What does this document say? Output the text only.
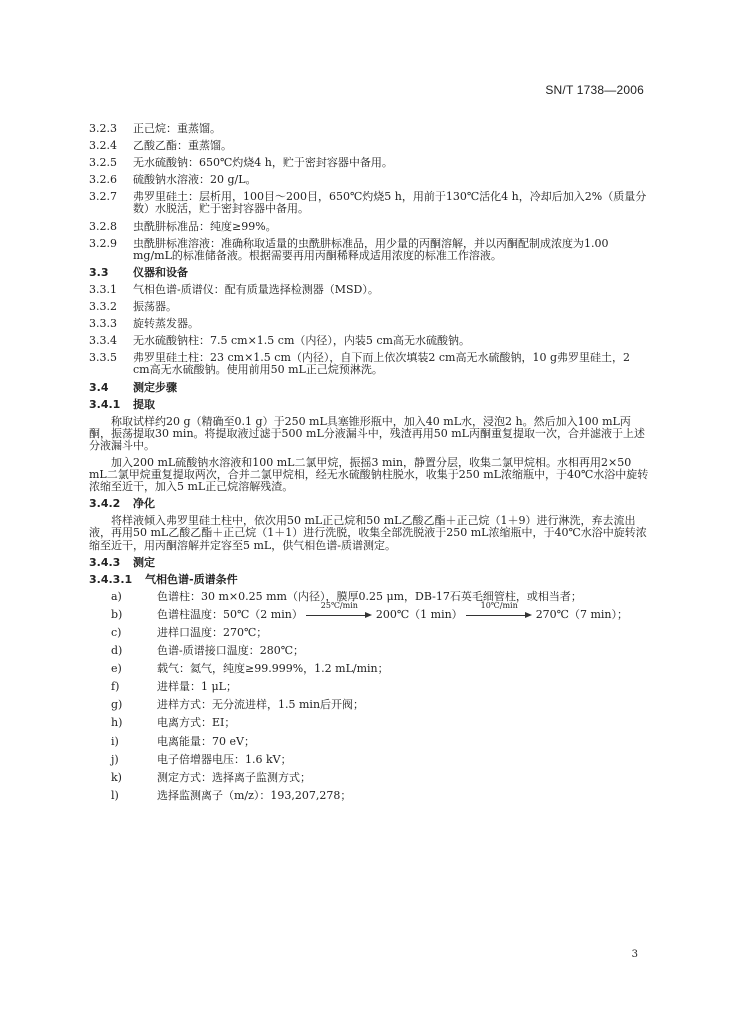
SN/T 1738—2006
3.2.3	正己烷：重蒸馏。
3.2.4	乙酸乙酯：重蒸馏。
3.2.5	无水硫酸钠：650℃灼烧4 h，贮于密封容器中备用。
3.2.6	硫酸钠水溶液：20 g/L。
3.2.7	弗罗里硅土：层析用，100目～200目，650℃灼烧5 h，用前于130℃活化4 h，冷却后加入2%（质量分数）水脱活，贮于密封容器中备用。
3.2.8	虫酰肼标准品：纯度≥99%。
3.2.9	虫酰肼标准溶液：准确称取适量的虫酰肼标准品，用少量的丙酮溶解，并以丙酮配制成浓度为1.00 mg/mL的标准储备液。根据需要再用丙酮稀释成适用浓度的标准工作溶液。
3.3	仪器和设备
3.3.1	气相色谱-质谱仪：配有质量选择检测器（MSD）。
3.3.2	振荡器。
3.3.3	旋转蒸发器。
3.3.4	无水硫酸钠柱：7.5 cm×1.5 cm（内径），内装5 cm高无水硫酸钠。
3.3.5	弗罗里硅土柱：23 cm×1.5 cm（内径），自下而上依次填装2 cm高无水硫酸钠，10 g弗罗里硅土，2 cm高无水硫酸钠。使用前用50 mL正己烷预淋洗。
3.4	测定步骤
3.4.1	提取
称取试样约20 g（精确至0.1 g）于250 mL具塞锥形瓶中，加入40 mL水，浸泡2 h。然后加入100 mL丙酮，振荡提取30 min。将提取液过滤于500 mL分液漏斗中，残渣再用50 mL丙酮重复提取一次，合并滤液于上述分液漏斗中。
加入200 mL硫酸钠水溶液和100 mL二氯甲烷，振摇3 min，静置分层，收集二氯甲烷相。水相再用2×50 mL二氯甲烷重复提取两次，合并二氯甲烷相，经无水硫酸钠柱脱水，收集于250 mL浓缩瓶中，于40℃水浴中旋转浓缩至近干，加入5 mL正己烷溶解残渣。
3.4.2	净化
将样液倾入弗罗里硅土柱中，依次用50 mL正己烷和50 mL乙酸乙酯＋正己烷（1＋9）进行淋洗，弃去流出液，再用50 mL乙酸乙酯＋正己烷（1＋1）进行洗脱，收集全部洗脱液于250 mL浓缩瓶中，于40℃水浴中旋转浓缩至近干，用丙酮溶解并定容至5 mL，供气相色谱-质谱测定。
3.4.3	测定
3.4.3.1	气相色谱-质谱条件
a)	色谱柱：30 m×0.25 mm（内径），膜厚0.25 μm，DB-17石英毛细管柱，或相当者；
b)	色谱柱温度：50℃（2 min）
25℃/min
200℃（1 min）
10℃/min
270℃（7 min）；
c)	进样口温度：270℃；
d)	色谱-质谱接口温度：280℃；
e)	载气：氦气，纯度≥99.999%，1.2 mL/min；
f)	进样量：1 μL；
g)	进样方式：无分流进样，1.5 min后开阀；
h)	电离方式：EI；
i)	电离能量：70 eV；
j)	电子倍增器电压：1.6 kV；
k)	测定方式：选择离子监测方式；
l)	选择监测离子（m/z）：193,207,278；
3
